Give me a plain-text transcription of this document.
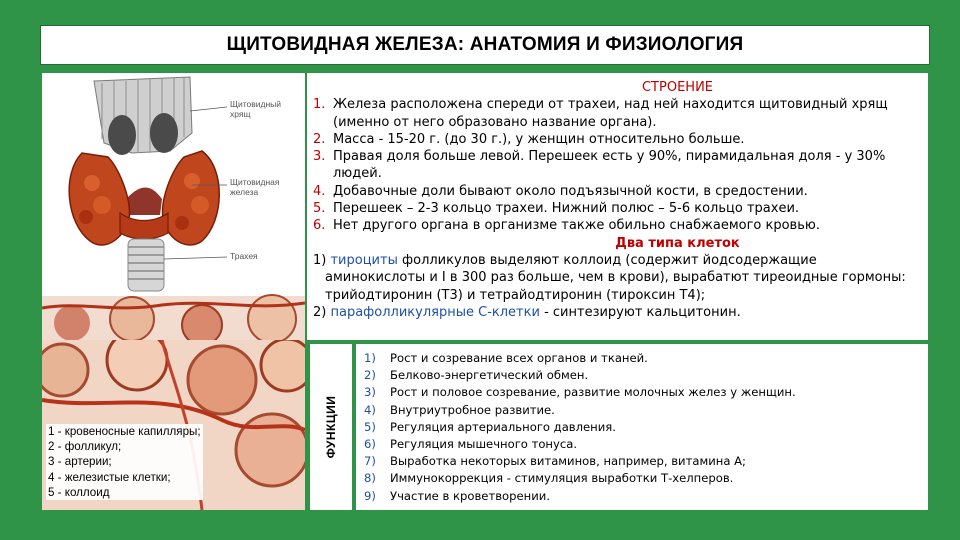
ЩИТОВИДНАЯ ЖЕЛЕЗА: АНАТОМИЯ И ФИЗИОЛОГИЯ
Щитовидный хрящ
Щитовидная железа
Трахея
1 - кровеносные капилляры;
2 - фолликул;
3 - артерии;
4 - железистые клетки;
5 - коллоид
СТРОЕНИЕ
1. Железа расположена спереди от трахеи, над ней находится щитовидный хрящ (именно от него образовано название органа).
2. Масса - 15-20 г. (до 30 г.), у женщин относительно больше.
3. Правая доля больше левой. Перешеек есть у 90%, пирамидальная доля - у 30% людей.
4. Добавочные доли бывают около подъязычной кости, в средостении.
5. Перешеек – 2-3 кольцо трахеи. Нижний полюс – 5-6 кольцо трахеи.
6. Нет другого органа в организме также обильно снабжаемого кровью.
Два типа клеток
1) тироциты фолликулов выделяют коллоид (содержит йодсодержащие
аминокислоты и I в 300 раз больше, чем в крови), вырабатют тиреоидные гормоны: трийодтиронин (Т3) и тетрайодтиронин (тироксин Т4);
2) парафолликулярные С-клетки - синтезируют кальцитонин.
ФУНКЦИИ
1)	Рост и созревание всех органов и тканей.
2)	Белково-энергетический обмен.
3)	Рост и половое созревание, развитие молочных желез у женщин.
4)	Внутриутробное развитие.
5)	Регуляция артериального давления.
6)	Регуляция мышечного тонуса.
7)	Выработка некоторых витаминов, например, витамина А;
8)	Иммунокоррекция - стимуляция выработки Т-хелперов.
9)	Участие в кроветворении.
